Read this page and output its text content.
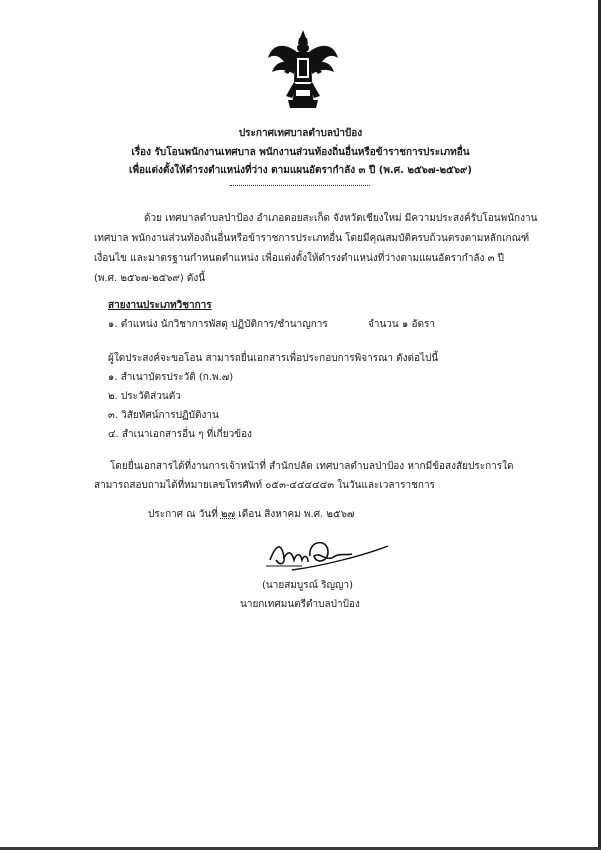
ประกาศเทศบาลตำบลป่าป้อง
เรื่อง รับโอนพนักงานเทศบาล พนักงานส่วนท้องถิ่นอื่นหรือข้าราชการประเภทอื่น
เพื่อแต่งตั้งให้ดำรงตำแหน่งที่ว่าง ตามแผนอัตรากำลัง ๓ ปี (พ.ศ. ๒๕๖๗-๒๕๖๙)
ด้วย เทศบาลตำบลป่าป้อง อำเภอดอยสะเก็ด จังหวัดเชียงใหม่ มีความประสงค์รับโอนพนักงาน
เทศบาล พนักงานส่วนท้องถิ่นอื่นหรือข้าราชการประเภทอื่น โดยมีคุณสมบัติครบถ้วนตรงตามหลักเกณฑ์
เงื่อนไข และมาตรฐานกำหนดตำแหน่ง เพื่อแต่งตั้งให้ดำรงตำแหน่งที่ว่างตามแผนอัตรากำลัง ๓ ปี
(พ.ศ. ๒๕๖๗-๒๕๖๙) ดังนี้
สายงานประเภทวิชาการ
๑. ตำแหน่ง นักวิชาการพัสดุ ปฏิบัติการ/ชำนาญการ	จำนวน ๑ อัตรา
ผู้ใดประสงค์จะขอโอน สามารถยื่นเอกสารเพื่อประกอบการพิจารณา ดังต่อไปนี้
๑. สำเนาบัตรประวัติ (ก.พ.๗)
๒. ประวัติส่วนตัว
๓. วิสัยทัศน์การปฏิบัติงาน
๔. สำเนาเอกสารอื่น ๆ ที่เกี่ยวข้อง
โดยยื่นเอกสารได้ที่งานการเจ้าหน้าที่ สำนักปลัด เทศบาลตำบลป่าป้อง หากมีข้อสงสัยประการใด
สามารถสอบถามได้ที่หมายเลขโทรศัพท์ ๐๕๓-๔๔๔๔๔๓ ในวันและเวลาราชการ
ประกาศ ณ วันที่ ๒๗ เดือน สิงหาคม พ.ศ. ๒๕๖๗
(นายสมบูรณ์ ริญญา)
นายกเทศมนตรีตำบลป่าป้อง
